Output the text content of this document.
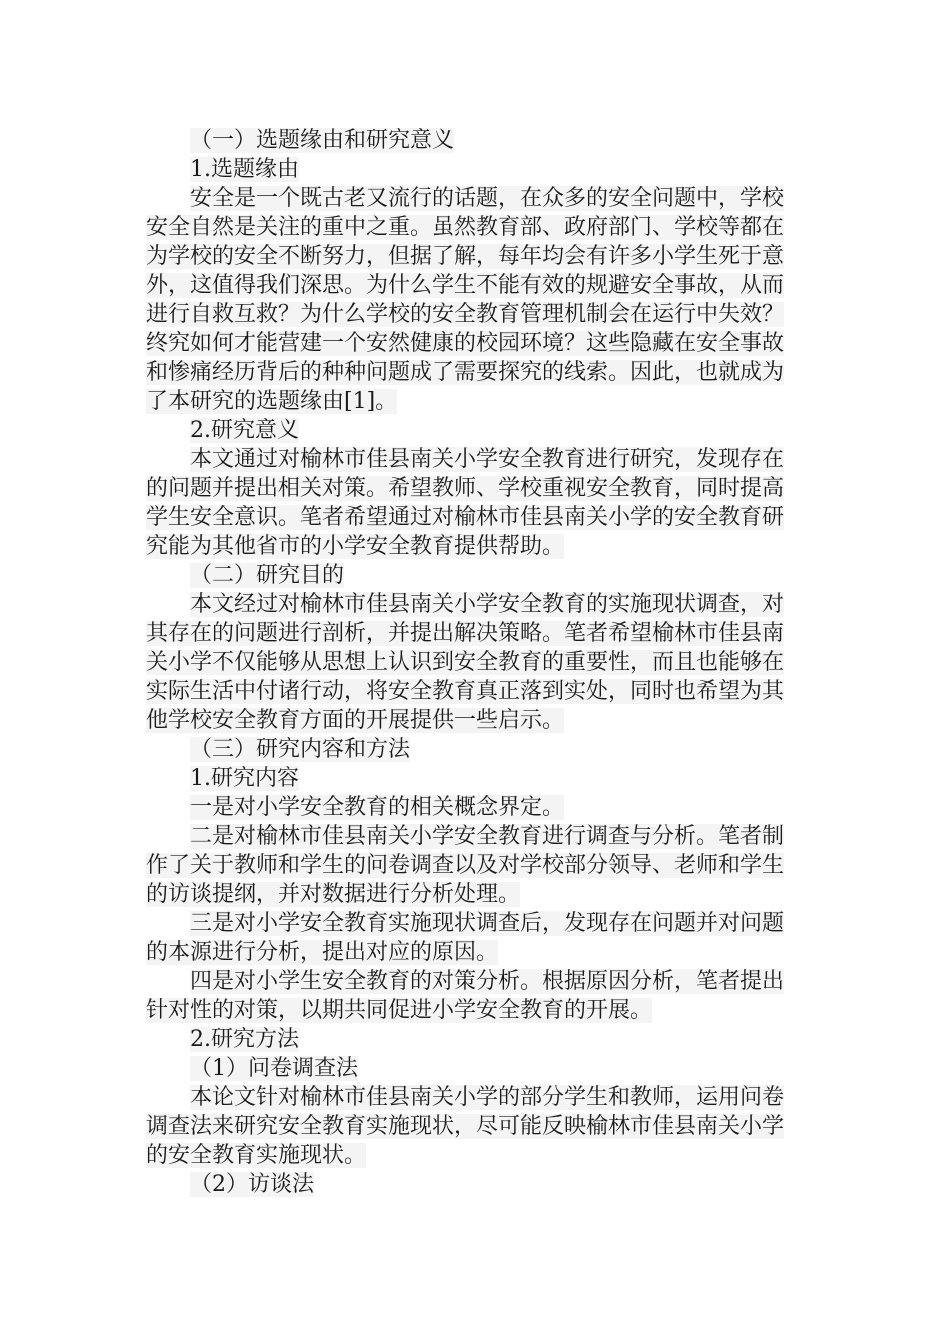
（一）选题缘由和研究意义
1.选题缘由
安全是一个既古老又流行的话题，在众多的安全问题中，学校
安全自然是关注的重中之重。虽然教育部、政府部门、学校等都在
为学校的安全不断努力，但据了解，每年均会有许多小学生死于意
外，这值得我们深思。为什么学生不能有效的规避安全事故，从而
进行自救互救？为什么学校的安全教育管理机制会在运行中失效？
终究如何才能营建一个安然健康的校园环境？这些隐藏在安全事故
和惨痛经历背后的种种问题成了需要探究的线索。因此，也就成为
了本研究的选题缘由[1]。
2.研究意义
本文通过对榆林市佳县南关小学安全教育进行研究，发现存在
的问题并提出相关对策。希望教师、学校重视安全教育，同时提高
学生安全意识。笔者希望通过对榆林市佳县南关小学的安全教育研
究能为其他省市的小学安全教育提供帮助。
（二）研究目的
本文经过对榆林市佳县南关小学安全教育的实施现状调查，对
其存在的问题进行剖析，并提出解决策略。笔者希望榆林市佳县南
关小学不仅能够从思想上认识到安全教育的重要性，而且也能够在
实际生活中付诸行动，将安全教育真正落到实处，同时也希望为其
他学校安全教育方面的开展提供一些启示。
（三）研究内容和方法
1.研究内容
一是对小学安全教育的相关概念界定。
二是对榆林市佳县南关小学安全教育进行调查与分析。笔者制
作了关于教师和学生的问卷调查以及对学校部分领导、老师和学生
的访谈提纲，并对数据进行分析处理。
三是对小学安全教育实施现状调查后，发现存在问题并对问题
的本源进行分析，提出对应的原因。
四是对小学生安全教育的对策分析。根据原因分析，笔者提出
针对性的对策，以期共同促进小学安全教育的开展。
2.研究方法
（1）问卷调查法
本论文针对榆林市佳县南关小学的部分学生和教师，运用问卷
调查法来研究安全教育实施现状，尽可能反映榆林市佳县南关小学
的安全教育实施现状。
（2）访谈法
